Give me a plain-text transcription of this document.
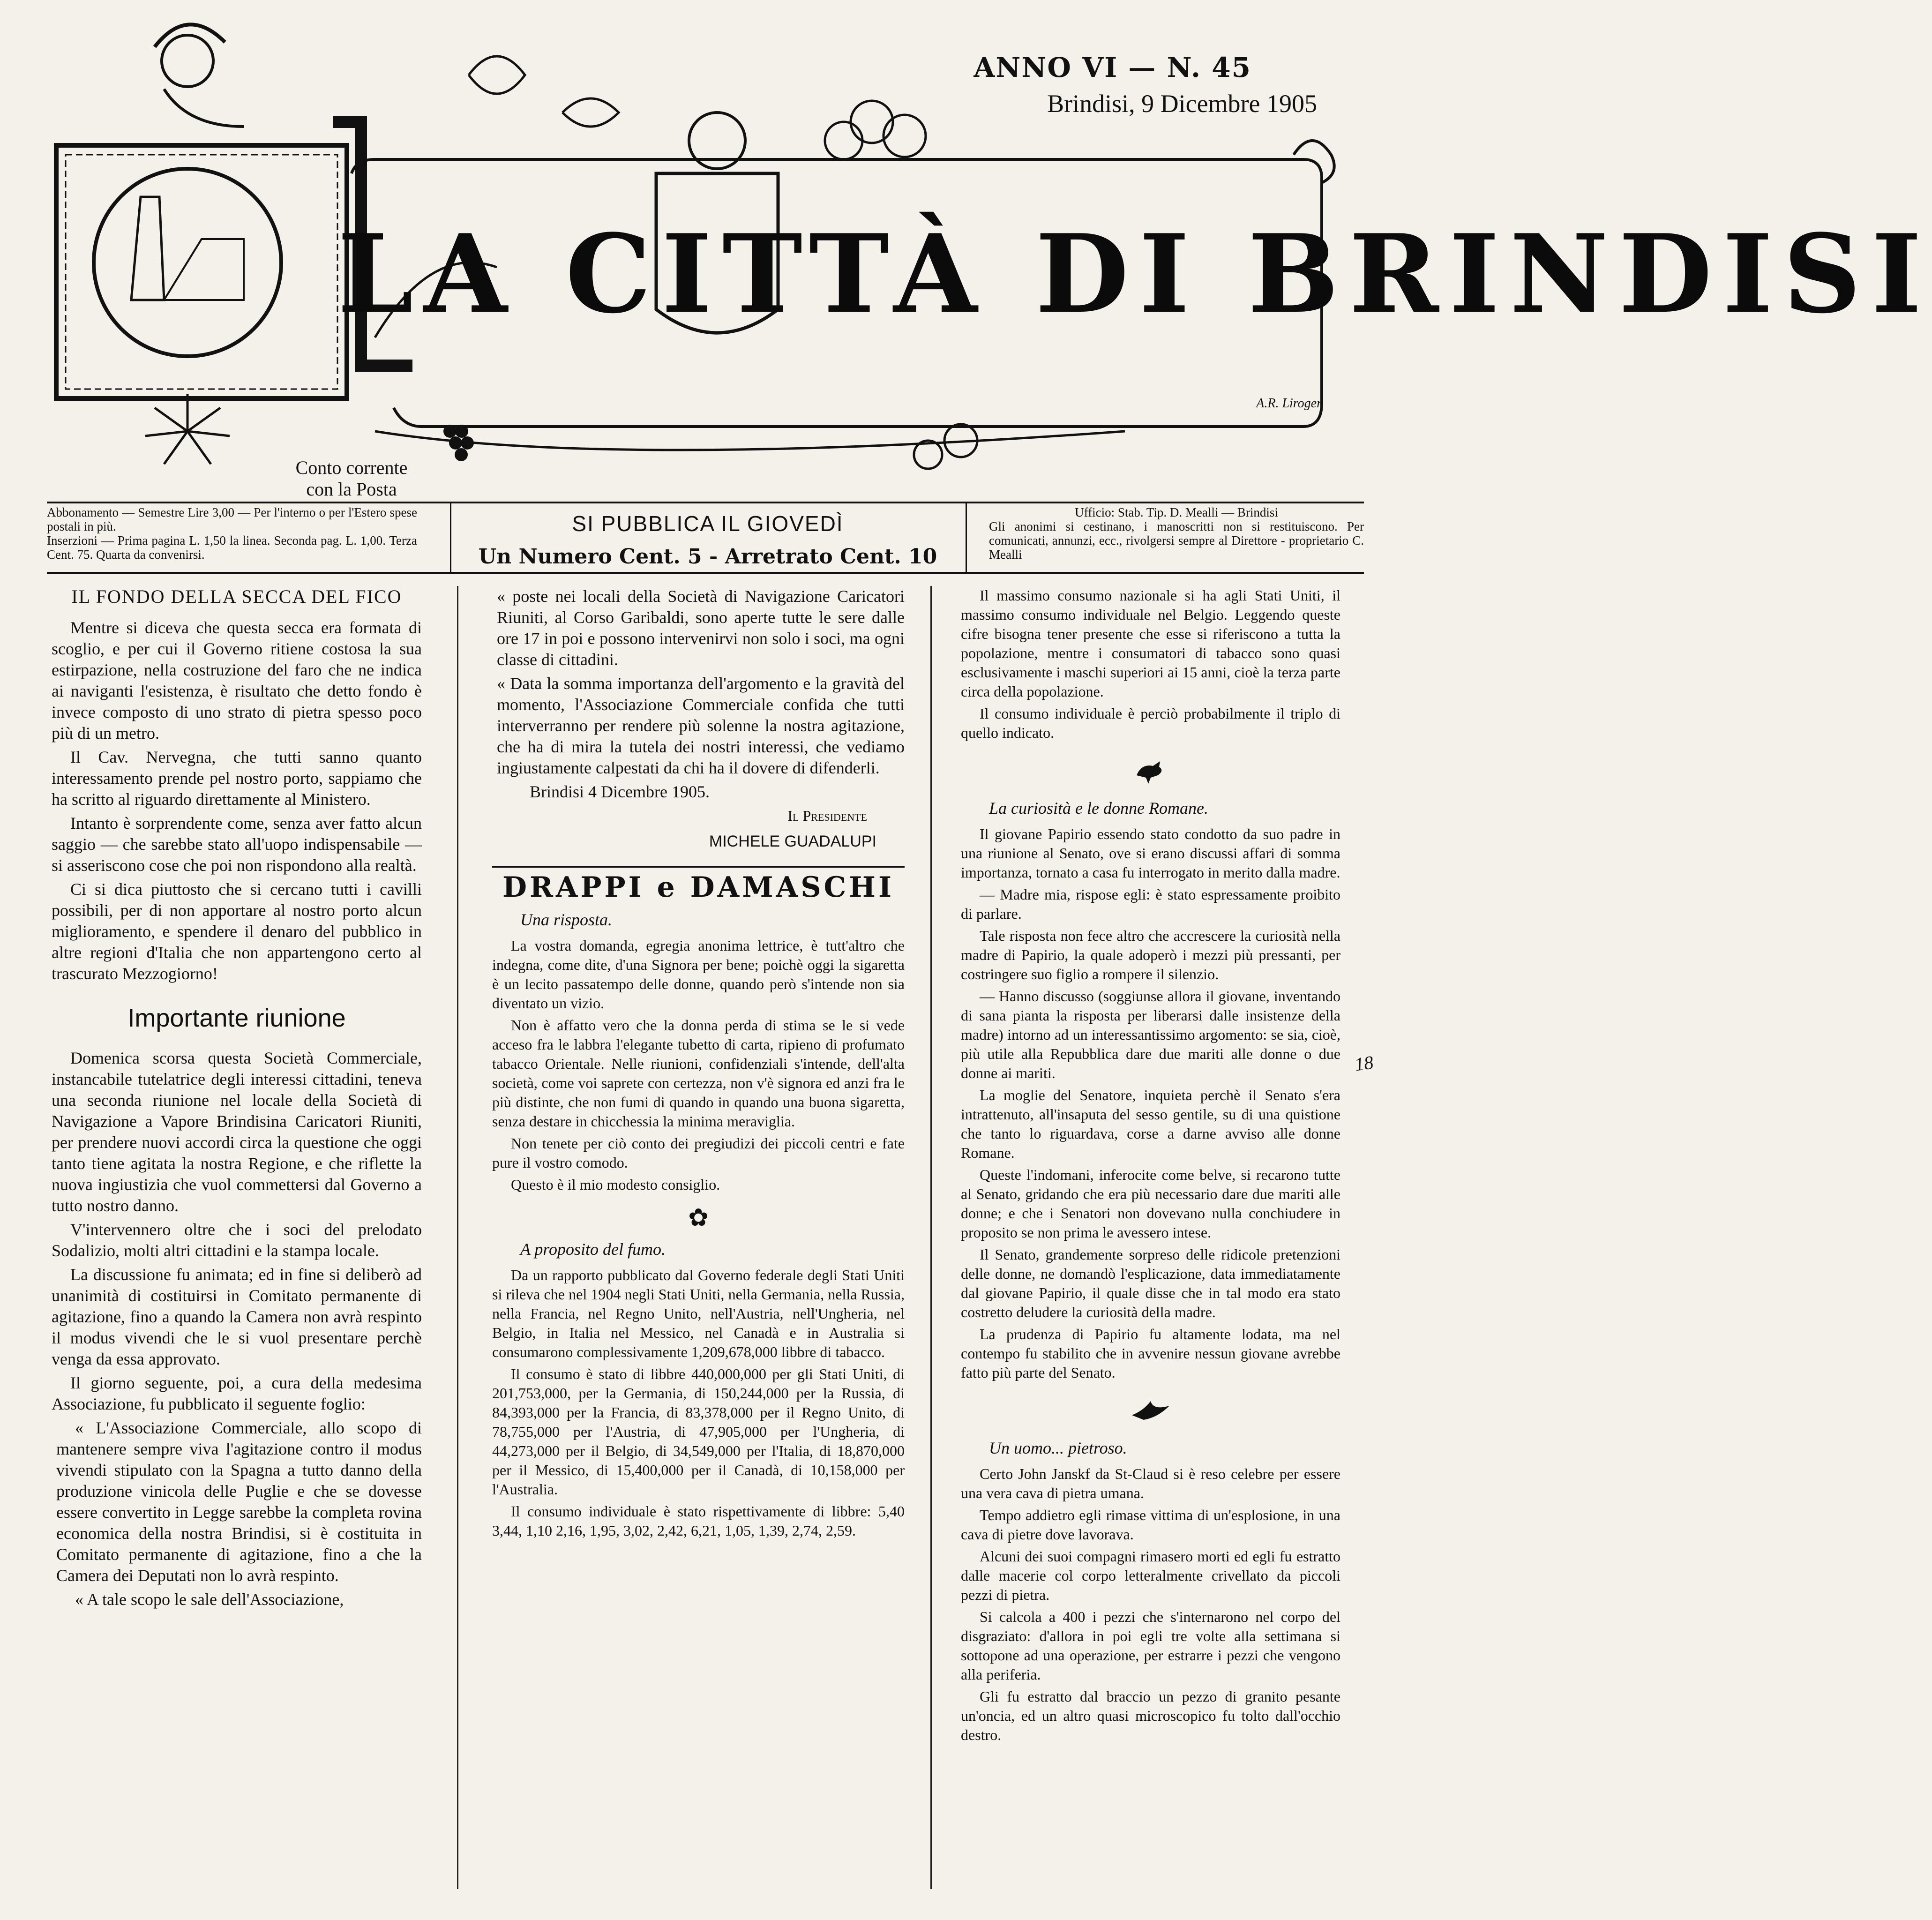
ANNO VI — N. 45
Brindisi, 9 Dicembre 1905
LA CITTÀ DI BRINDISI
Conto corrente con la Posta
A.R. Liroger
Abbonamento — Semestre Lire 3,00 — Per l'interno o per l'Estero spese postali in più.
Inserzioni — Prima pagina L. 1,50 la linea. Seconda pag. L. 1,00. Terza Cent. 75. Quarta da convenirsi.
SI PUBBLICA IL GIOVEDÌ
Un Numero Cent. 5 - Arretrato Cent. 10
Ufficio: Stab. Tip. D. Mealli — Brindisi
Gli anonimi si cestinano, i manoscritti non si restituiscono. Per comunicati, annunzi, ecc., rivolgersi sempre al Direttore - proprietario C. Mealli
IL FONDO DELLA SECCA DEL FICO

Mentre si diceva che questa secca era formata di scoglio, e per cui il Governo ritiene costosa la sua estirpazione, nella costruzione del faro che ne indica ai naviganti l'esistenza, è risultato che detto fondo è invece composto di uno strato di pietra spesso poco più di un metro.

Il Cav. Nervegna, che tutti sanno quanto interessamento prende pel nostro porto, sappiamo che ha scritto al riguardo direttamente al Ministero.

Intanto è sorprendente come, senza aver fatto alcun saggio — che sarebbe stato all'uopo indispensabile — si asseriscono cose che poi non rispondono alla realtà.

Ci si dica piuttosto che si cercano tutti i cavilli possibili, per di non apportare al nostro porto alcun miglioramento, e spendere il denaro del pubblico in altre regioni d'Italia che non appartengono certo al trascurato Mezzogiorno!

Importante riunione

Domenica scorsa questa Società Commerciale, instancabile tutelatrice degli interessi cittadini, teneva una seconda riunione nel locale della Società di Navigazione a Vapore Brindisina Caricatori Riuniti, per prendere nuovi accordi circa la questione che oggi tanto tiene agitata la nostra Regione, e che riflette la nuova ingiustizia che vuol commettersi dal Governo a tutto nostro danno.

V'intervennero oltre che i soci del prelodato Sodalizio, molti altri cittadini e la stampa locale.

La discussione fu animata; ed in fine si deliberò ad unanimità di costituirsi in Comitato permanente di agitazione, fino a quando la Camera non avrà respinto il modus vivendi che le si vuol presentare perchè venga da essa approvato.

Il giorno seguente, poi, a cura della medesima Associazione, fu pubblicato il seguente foglio:

« L'Associazione Commerciale, allo scopo di mantenere sempre viva l'agitazione contro il modus vivendi stipulato con la Spagna a tutto danno della produzione vinicola delle Puglie e che se dovesse essere convertito in Legge sarebbe la completa rovina economica della nostra Brindisi, si è costituita in Comitato permanente di agitazione, fino a che la Camera dei Deputati non lo avrà respinto.

« A tale scopo le sale dell'Associazione,

« poste nei locali della Società di Navigazione Caricatori Riuniti, al Corso Garibaldi, sono aperte tutte le sere dalle ore 17 in poi e possono intervenirvi non solo i soci, ma ogni classe di cittadini.

« Data la somma importanza dell'argomento e la gravità del momento, l'Associazione Commerciale confida che tutti interverranno per rendere più solenne la nostra agitazione, che ha di mira la tutela dei nostri interessi, che vediamo ingiustamente calpestati da chi ha il dovere di difenderli.

Brindisi 4 Dicembre 1905.

Il Presidente
MICHELE GUADALUPI
DRAPPI e DAMASCHI

Una risposta.

La vostra domanda, egregia anonima lettrice, è tutt'altro che indegna, come dite, d'una Signora per bene; poichè oggi la sigaretta è un lecito passatempo delle donne, quando però s'intende non sia diventato un vizio.

Non è affatto vero che la donna perda di stima se le si vede acceso fra le labbra l'elegante tubetto di carta, ripieno di profumato tabacco Orientale. Nelle riunioni, confidenziali s'intende, dell'alta società, come voi saprete con certezza, non v'è signora ed anzi fra le più distinte, che non fumi di quando in quando una buona sigaretta, senza destare in chicchessia la minima meraviglia.

Non tenete per ciò conto dei pregiudizi dei piccoli centri e fate pure il vostro comodo.

Questo è il mio modesto consiglio.

✿

A proposito del fumo.

Da un rapporto pubblicato dal Governo federale degli Stati Uniti si rileva che nel 1904 negli Stati Uniti, nella Germania, nella Russia, nella Francia, nel Regno Unito, nell'Austria, nell'Ungheria, nel Belgio, in Italia nel Messico, nel Canadà e in Australia si consumarono complessivamente 1,209,678,000 libbre di tabacco.

Il consumo è stato di libbre 440,000,000 per gli Stati Uniti, di 201,753,000, per la Germania, di 150,244,000 per la Russia, di 84,393,000 per la Francia, di 83,378,000 per il Regno Unito, di 78,755,000 per l'Austria, di 47,905,000 per l'Ungheria, di 44,273,000 per il Belgio, di 34,549,000 per l'Italia, di 18,870,000 per il Messico, di 15,400,000 per il Canadà, di 10,158,000 per l'Australia.

Il consumo individuale è stato rispettivamente di libbre: 5,40 3,44, 1,10 2,16, 1,95, 3,02, 2,42, 6,21, 1,05, 1,39, 2,74, 2,59.

Il massimo consumo nazionale si ha agli Stati Uniti, il massimo consumo individuale nel Belgio. Leggendo queste cifre bisogna tener presente che esse si riferiscono a tutta la popolazione, mentre i consumatori di tabacco sono quasi esclusivamente i maschi superiori ai 15 anni, cioè la terza parte circa della popolazione.

Il consumo individuale è perciò probabilmente il triplo di quello indicato.

La curiosità e le donne Romane.

Il giovane Papirio essendo stato condotto da suo padre in una riunione al Senato, ove si erano discussi affari di somma importanza, tornato a casa fu interrogato in merito dalla madre.

— Madre mia, rispose egli: è stato espressamente proibito di parlare.

Tale risposta non fece altro che accrescere la curiosità nella madre di Papirio, la quale adoperò i mezzi più pressanti, per costringere suo figlio a rompere il silenzio.

— Hanno discusso (soggiunse allora il giovane, inventando di sana pianta la risposta per liberarsi dalle insistenze della madre) intorno ad un interessantissimo argomento: se sia, cioè, più utile alla Repubblica dare due mariti alle donne o due donne ai mariti.

La moglie del Senatore, inquieta perchè il Senato s'era intrattenuto, all'insaputa del sesso gentile, su di una quistione che tanto lo riguardava, corse a darne avviso alle donne Romane.

Queste l'indomani, inferocite come belve, si recarono tutte al Senato, gridando che era più necessario dare due mariti alle donne; e che i Senatori non dovevano nulla conchiudere in proposito se non prima le avessero intese.

Il Senato, grandemente sorpreso delle ridicole pretenzioni delle donne, ne domandò l'esplicazione, data immediatamente dal giovane Papirio, il quale disse che in tal modo era stato costretto deludere la curiosità della madre.

La prudenza di Papirio fu altamente lodata, ma nel contempo fu stabilito che in avvenire nessun giovane avrebbe fatto più parte del Senato.

Un uomo... pietroso.

Certo John Janskf da St-Claud si è reso celebre per essere una vera cava di pietra umana.

Tempo addietro egli rimase vittima di un'esplosione, in una cava di pietre dove lavorava.

Alcuni dei suoi compagni rimasero morti ed egli fu estratto dalle macerie col corpo letteralmente crivellato da piccoli pezzi di pietra.

Si calcola a 400 i pezzi che s'internarono nel corpo del disgraziato: d'allora in poi egli tre volte alla settimana si sottopone ad una operazione, per estrarre i pezzi che vengono alla periferia.

Gli fu estratto dal braccio un pezzo di granito pesante un'oncia, ed un altro quasi microscopico fu tolto dall'occhio destro.

18
